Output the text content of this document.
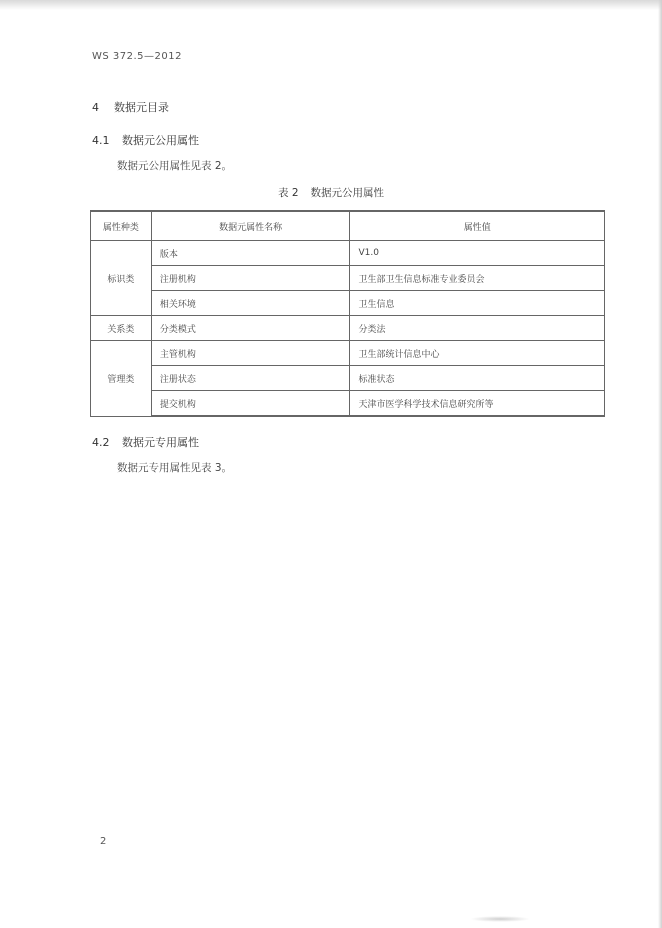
WS 372.5—2012
4 数据元目录
4.1 数据元公用属性
数据元公用属性见表 2。
表 2 数据元公用属性
属性种类	数据元属性名称	属性值
标识类	版本	V1.0
	注册机构	卫生部卫生信息标准专业委员会
	相关环境	卫生信息
关系类	分类模式	分类法
管理类	主管机构	卫生部统计信息中心
	注册状态	标准状态
	提交机构	天津市医学科学技术信息研究所等
4.2 数据元专用属性
数据元专用属性见表 3。
2
